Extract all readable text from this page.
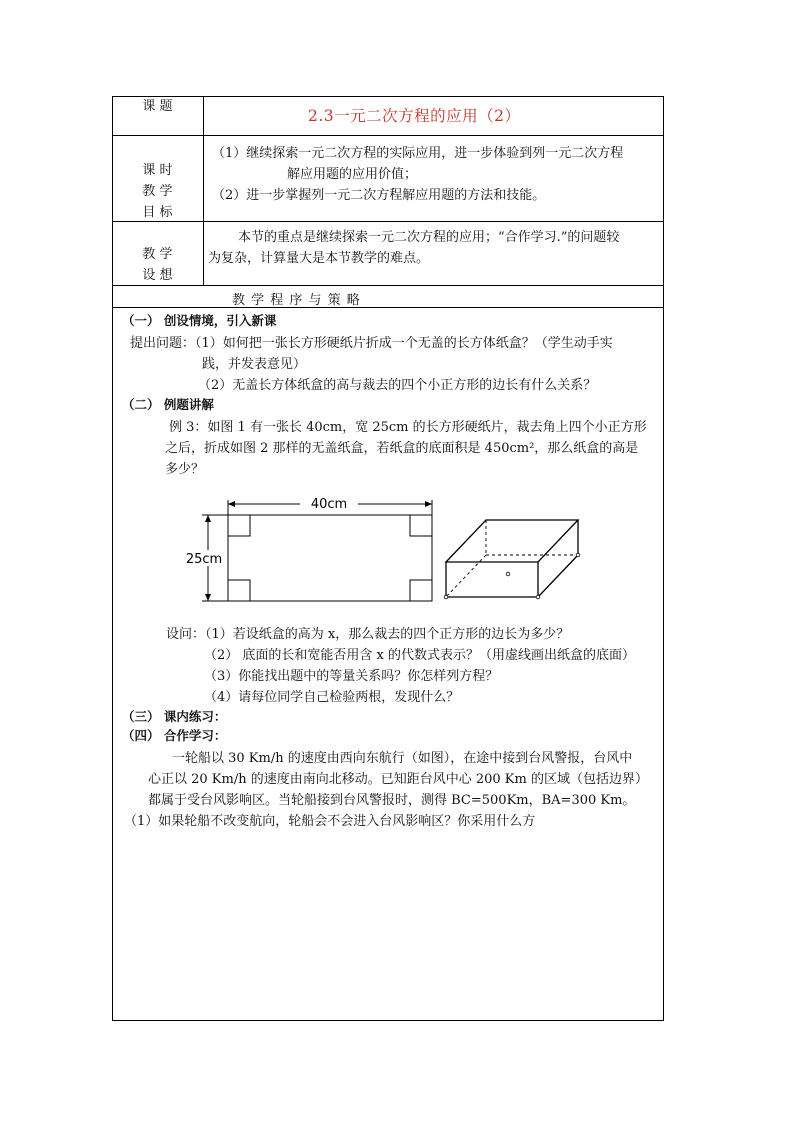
课 题
2.3一元二次方程的应用（2）
课 时
教 学
目 标
（1）继续探索一元二次方程的实际应用，进一步体验到列一元二次方程
解应用题的应用价值；
（2）进一步掌握列一元二次方程解应用题的方法和技能。
教 学
设 想
本节的重点是继续探索一元二次方程的应用；“合作学习.”的问题较
为复杂，计算量大是本节教学的难点。
教 学 程 序 与 策 略
（一） 创设情境，引入新课
提出问题：（1）如何把一张长方形硬纸片折成一个无盖的长方体纸盒？（学生动手实
践，并发表意见）
（2）无盖长方体纸盒的高与裁去的四个小正方形的边长有什么关系？
（二） 例题讲解
例 3：如图 1 有一张长 40cm，宽 25cm 的长方形硬纸片，裁去角上四个小正方形
之后，折成如图 2 那样的无盖纸盒，若纸盒的底面积是 450cm²，那么纸盒的高是
多少？
40cm
25cm
设问：（1）若设纸盒的高为 x，那么裁去的四个正方形的边长为多少？
（2） 底面的长和宽能否用含 x 的代数式表示？（用虚线画出纸盒的底面）
（3）你能找出题中的等量关系吗？你怎样列方程？
（4）请每位同学自己检验两根，发现什么？
（三） 课内练习：
（四） 合作学习：
一轮船以 30 Km/h 的速度由西向东航行（如图），在途中接到台风警报，台风中
心正以 20 Km/h 的速度由南向北移动。已知距台风中心 200 Km 的区域（包括边界）
都属于受台风影响区。当轮船接到台风警报时，测得 BC=500Km，BA=300 Km。
（1）如果轮船不改变航向，轮船会不会进入台风影响区？你采用什么方
